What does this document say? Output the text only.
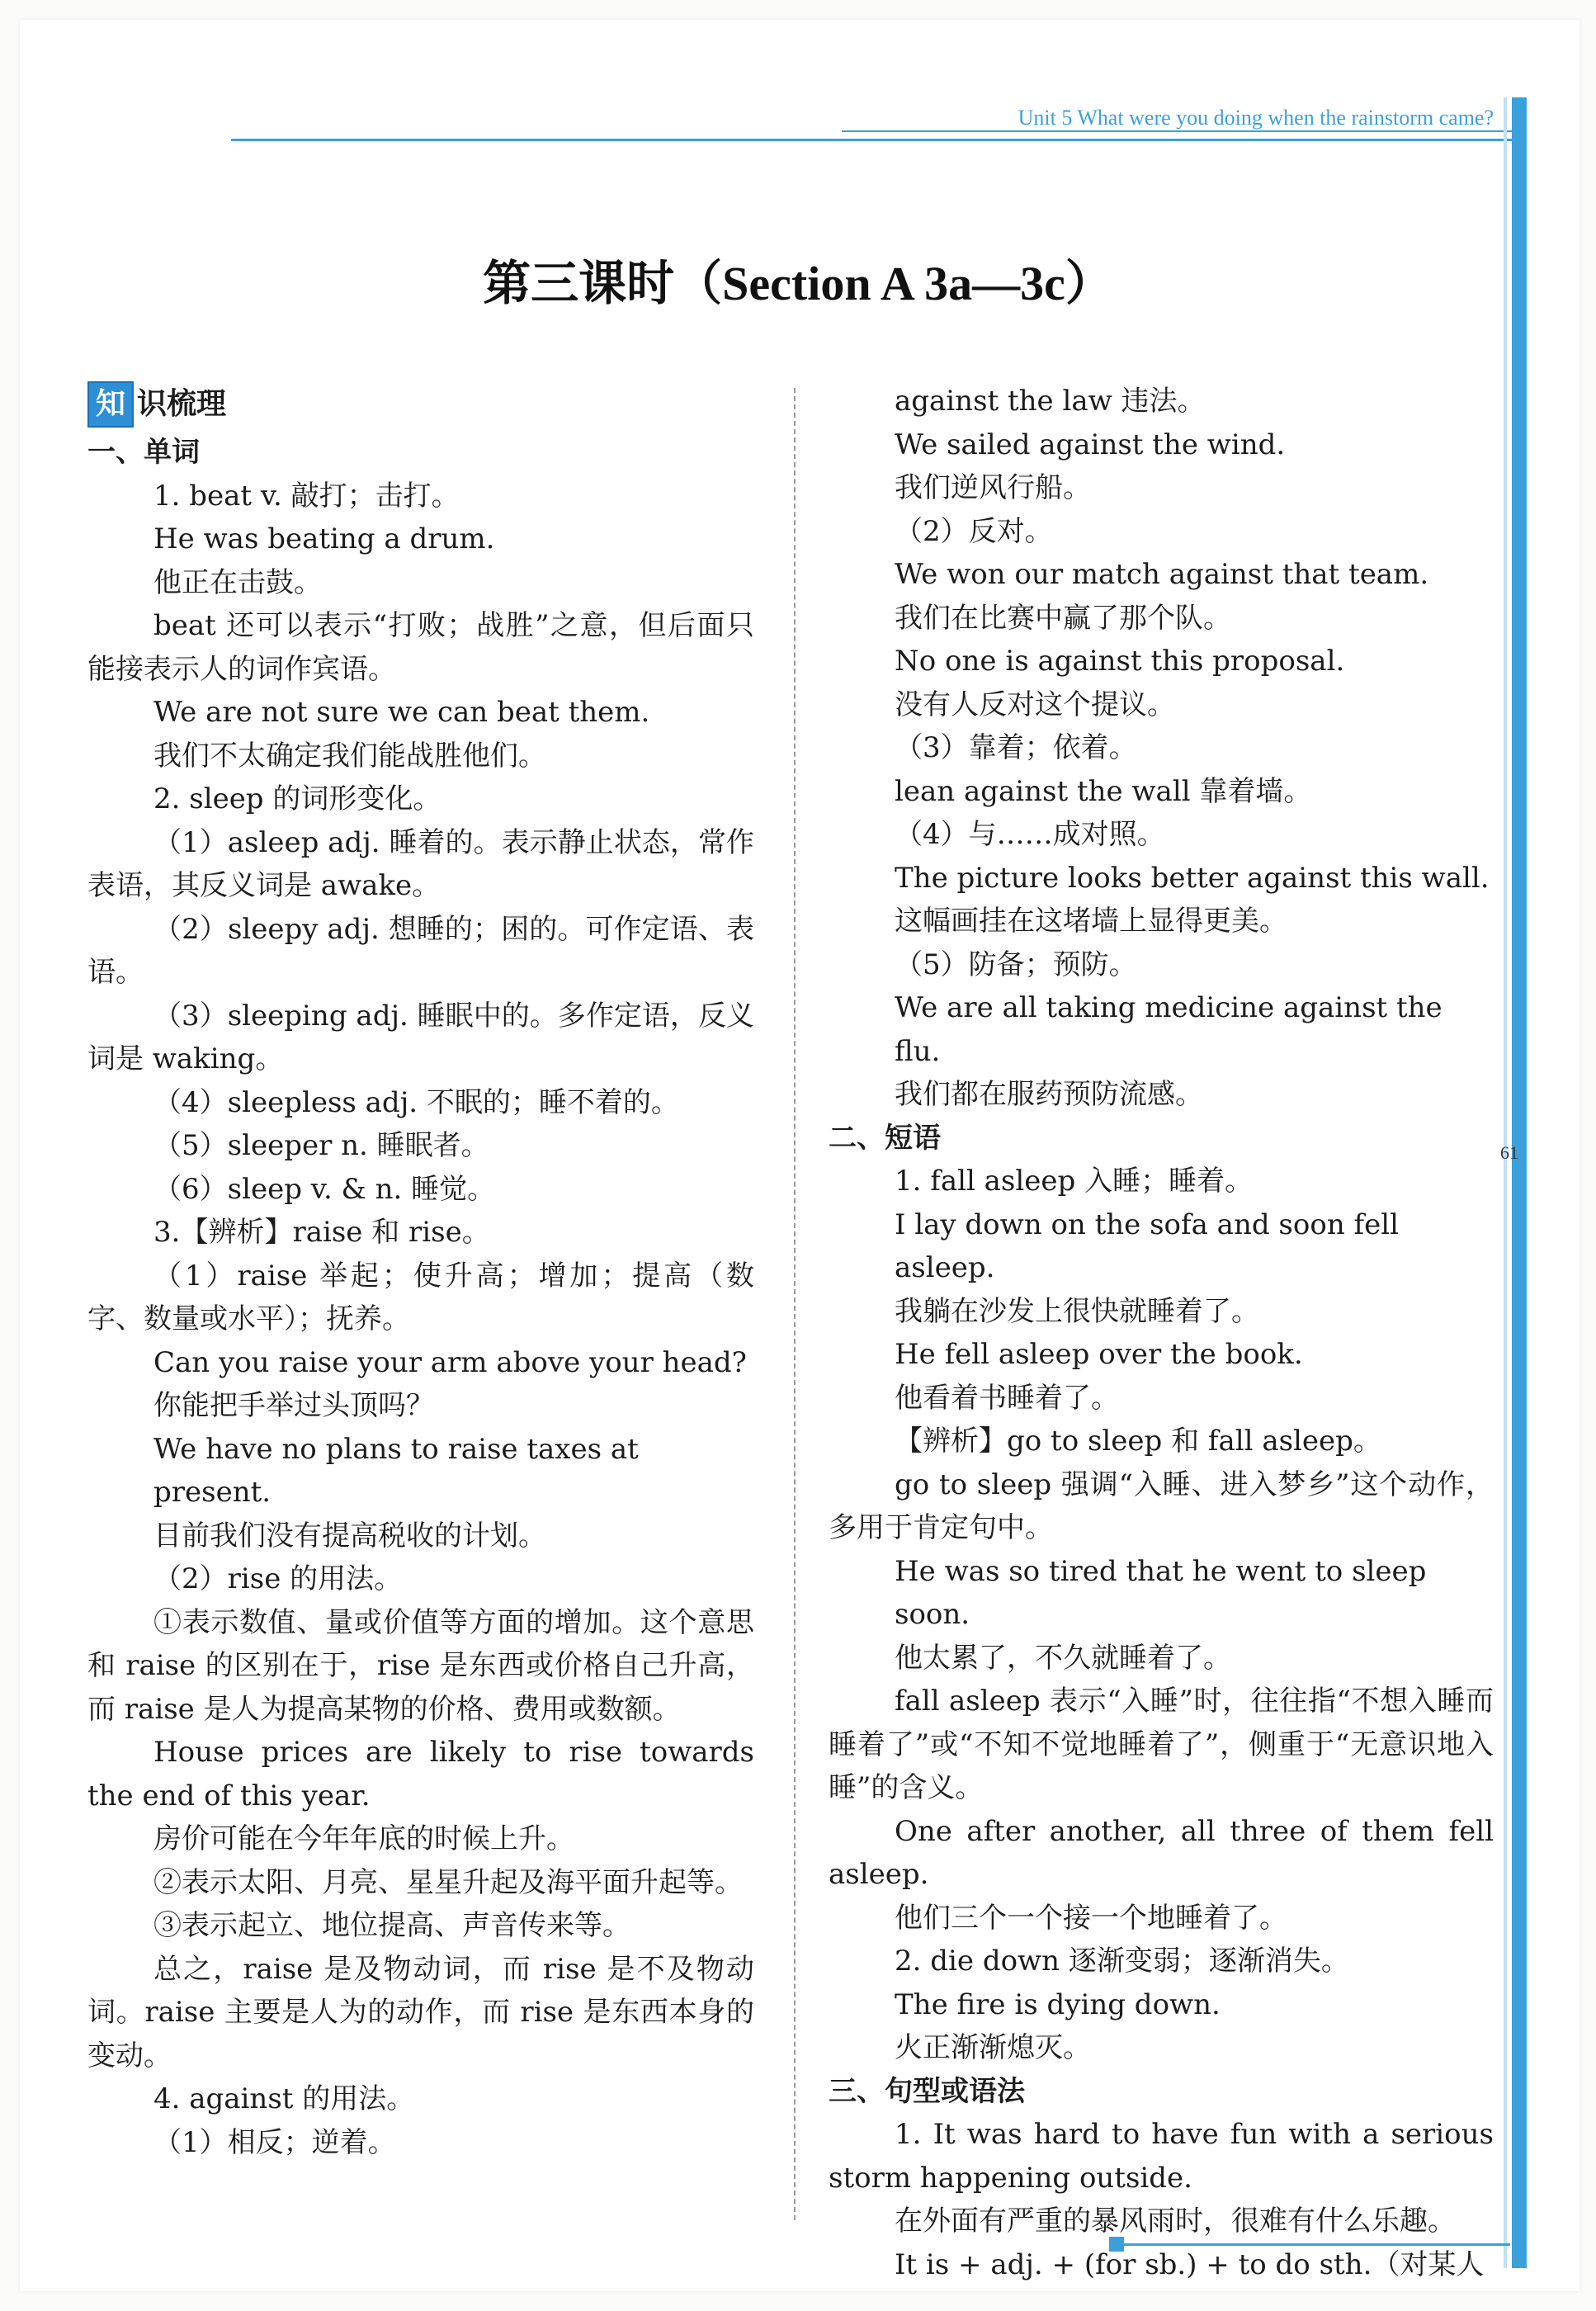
Unit 5 What were you doing when the rainstorm came?
61
第三课时（Section A 3a—3c）
知 识梳理

一、单词

1. beat v. 敲打；击打。

He was beating a drum.

他正在击鼓。

beat 还可以表示“打败；战胜”之意，但后面只能接表示人的词作宾语。

We are not sure we can beat them.

我们不太确定我们能战胜他们。

2. sleep 的词形变化。

（1）asleep adj. 睡着的。表示静止状态，常作表语，其反义词是 awake。

（2）sleepy adj. 想睡的；困的。可作定语、表语。

（3）sleeping adj. 睡眠中的。多作定语，反义词是 waking。

（4）sleepless adj. 不眠的；睡不着的。

（5）sleeper n. 睡眠者。

（6）sleep v. & n. 睡觉。

3.【辨析】raise 和 rise。

（1）raise 举起；使升高；增加；提高（数字、数量或水平）；抚养。

Can you raise your arm above your head?

你能把手举过头顶吗？

We have no plans to raise taxes at present.

目前我们没有提高税收的计划。

（2）rise 的用法。

①表示数值、量或价值等方面的增加。这个意思和 raise 的区别在于，rise 是东西或价格自己升高，而 raise 是人为提高某物的价格、费用或数额。

House prices are likely to rise towards the end of this year.

房价可能在今年年底的时候上升。

②表示太阳、月亮、星星升起及海平面升起等。

③表示起立、地位提高、声音传来等。

总之，raise 是及物动词，而 rise 是不及物动词。raise 主要是人为的动作，而 rise 是东西本身的变动。

4. against 的用法。

（1）相反；逆着。

against the law 违法。

We sailed against the wind.

我们逆风行船。

（2）反对。

We won our match against that team.

我们在比赛中赢了那个队。

No one is against this proposal.

没有人反对这个提议。

（3）靠着；依着。

lean against the wall 靠着墙。

（4）与……成对照。

The picture looks better against this wall.

这幅画挂在这堵墙上显得更美。

（5）防备；预防。

We are all taking medicine against the flu.

我们都在服药预防流感。

二、短语

1. fall asleep 入睡；睡着。

I lay down on the sofa and soon fell asleep.

我躺在沙发上很快就睡着了。

He fell asleep over the book.

他看着书睡着了。

【辨析】go to sleep 和 fall asleep。

go to sleep 强调“入睡、进入梦乡”这个动作，多用于肯定句中。

He was so tired that he went to sleep soon.

他太累了，不久就睡着了。

fall asleep 表示“入睡”时，往往指“不想入睡而睡着了”或“不知不觉地睡着了”，侧重于“无意识地入睡”的含义。

One after another, all three of them fell asleep.

他们三个一个接一个地睡着了。

2. die down 逐渐变弱；逐渐消失。

The fire is dying down.

火正渐渐熄灭。

三、句型或语法

1. It was hard to have fun with a serious storm happening outside.

在外面有严重的暴风雨时，很难有什么乐趣。

It is + adj. + (for sb.) + to do sth.（对某人
